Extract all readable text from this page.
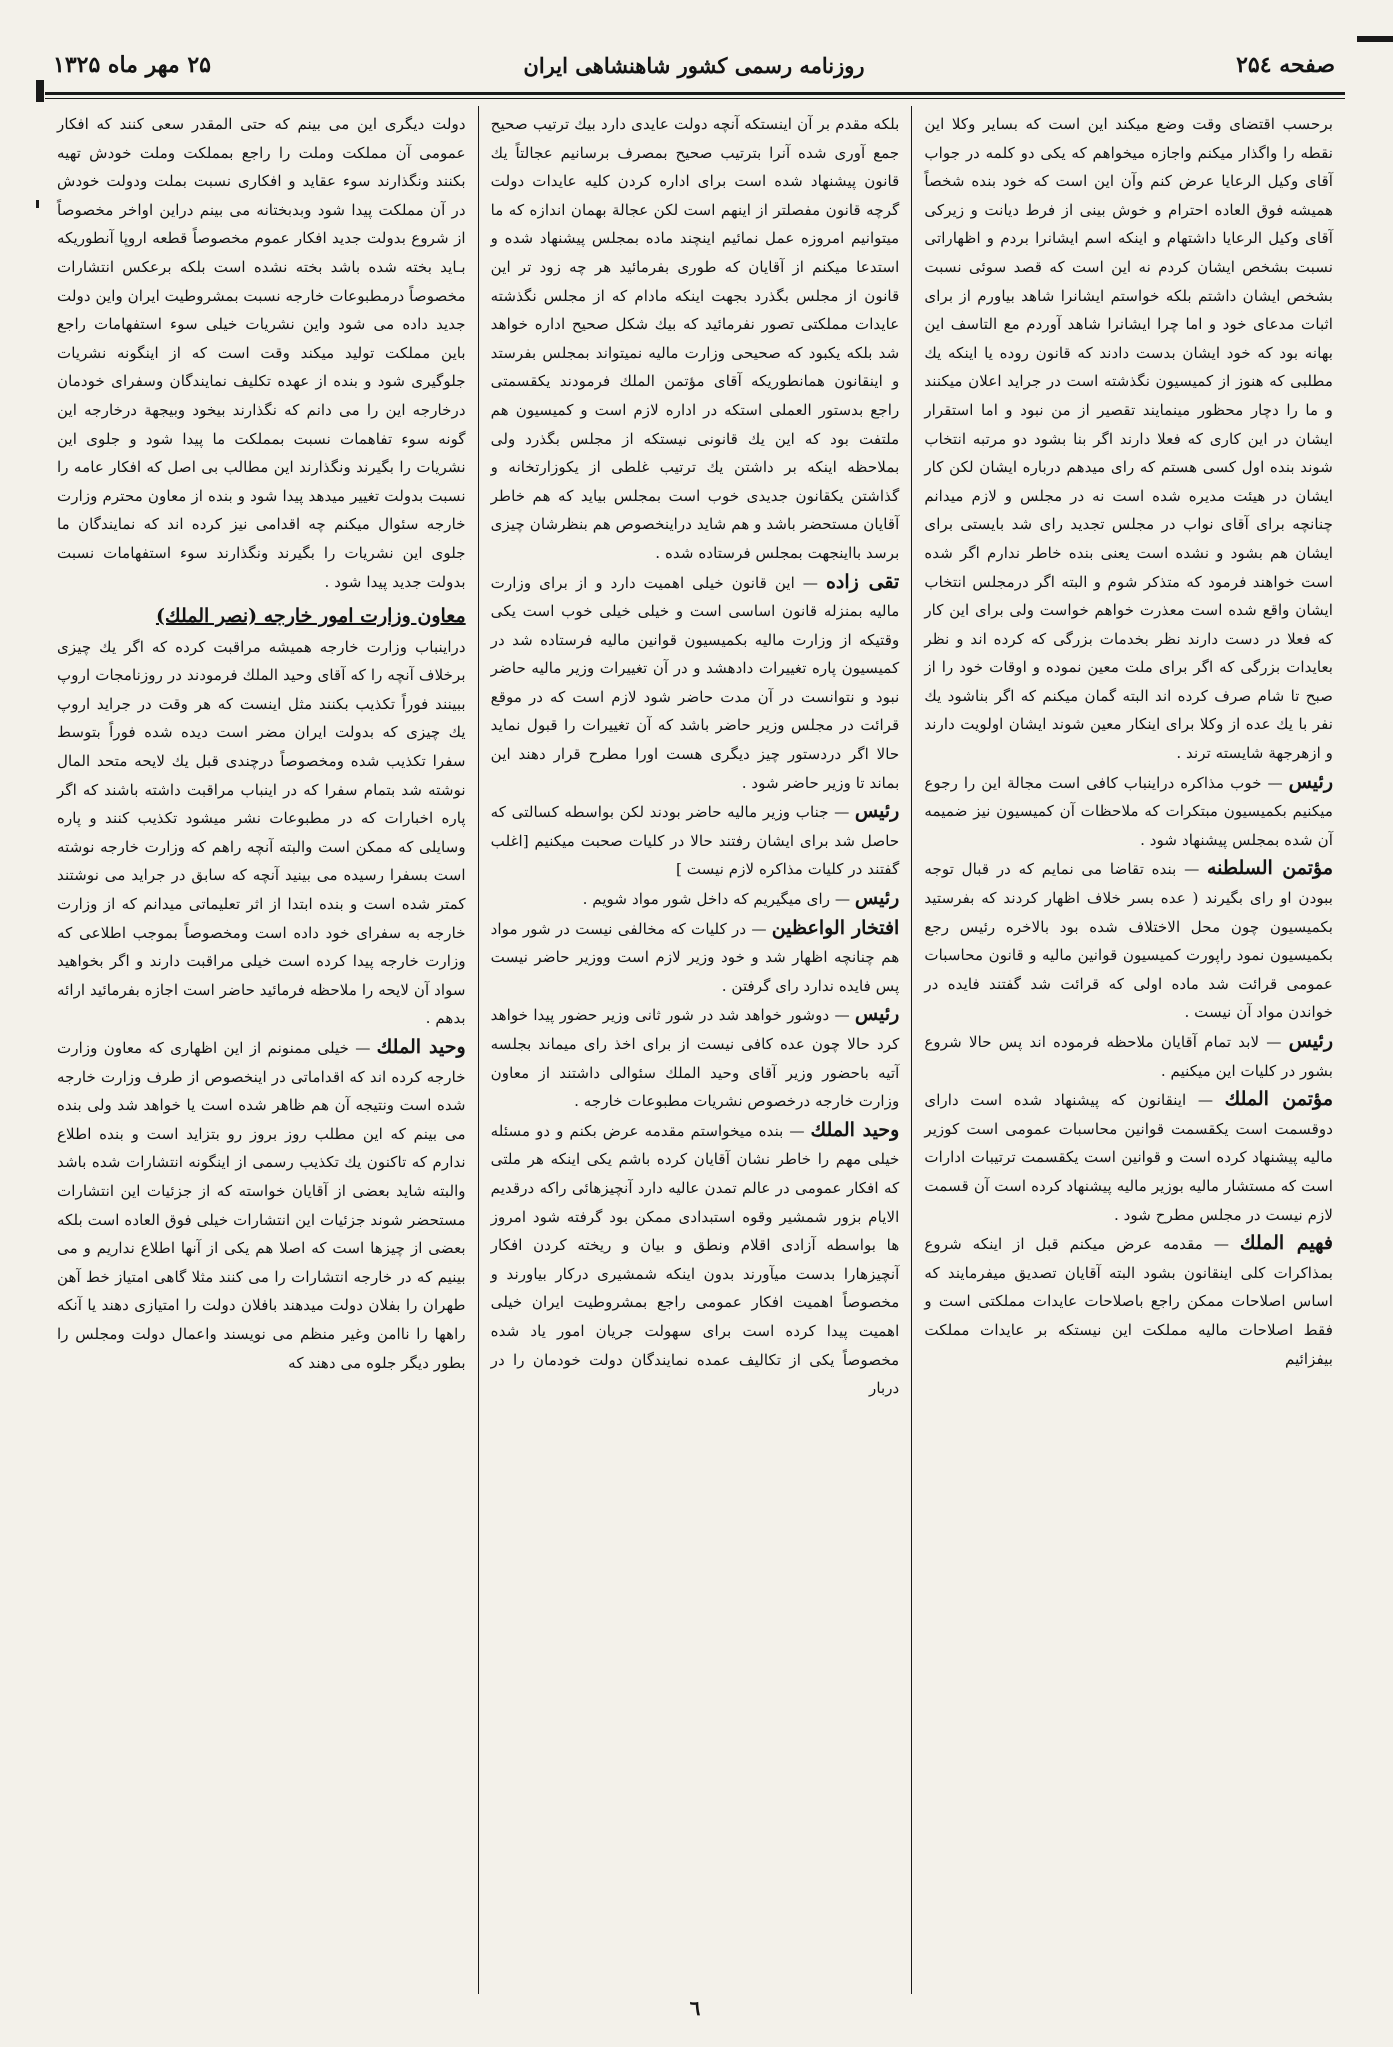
صفحه ۲۵٤
روزنامه رسمی کشور شاهنشاهی ایران
۲۵ مهر ماه ۱۳۲۵

برحسب اقتضای وقت وضع میکند این است که بساير وکلا این نقطه را واگذار میکنم واجازه میخواهم که یکی دو کلمه در جواب آقای وکیل الرعایا عرض کنم وآن این است که خود بنده شخصاً همیشه فوق العاده احترام و خوش بینی از فرط دیانت و زیرکی آقای وکیل الرعایا داشتهام و اینکه اسم ایشانرا بردم و اظهاراتی نسبت بشخص ایشان کردم نه این است که قصد سوئی نسبت بشخص ایشان داشتم بلکه خواستم ایشانرا شاهد بیاورم از برای اثبات مدعای خود و اما چرا ایشانرا شاهد آوردم مع التاسف این بهانه بود که خود ایشان بدست دادند که قانون روده یا اینکه یك مطلبی که هنوز از کمیسیون نگذشته است در جراید اعلان میکنند و ما را دچار محظور مینمایند تقصیر از من نبود و اما استقرار ایشان در این کاری که فعلا دارند اگر بنا بشود دو مرتبه انتخاب شوند بنده اول کسی هستم که رای میدهم درباره ایشان لکن کار ایشان در هیئت مدیره شده است نه در مجلس و لازم میدانم چنانچه برای آقای نواب در مجلس تجدید رای شد بایستی برای ایشان هم بشود و نشده است یعنی بنده خاطر ندارم اگر شده است خواهند فرمود که متذکر شوم و البته اگر درمجلس انتخاب ایشان واقع شده است معذرت خواهم خواست ولی برای این کار که فعلا در دست دارند نظر بخدمات بزرگی که کرده اند و نظر بعایدات بزرگی که اگر برای ملت معین نموده و اوقات خود را از صبح تا شام صرف کرده اند البته گمان میکنم که اگر بناشود یك نفر با یك عده از وکلا برای اینکار معین شوند ایشان اولویت دارند و ازهرجهة شایسته ترند .

رئیس — خوب مذاکره دراینباب کافی است مجالة این را رجوع میکنیم بکمیسیون مبتکرات که ملاحظات آن کمیسیون نیز ضمیمه آن شده بمجلس پیشنهاد شود .

مؤتمن السلطنه — بنده تقاضا می نمایم که در قبال توجه ببودن او رای بگیرند ( عده بسر خلاف اظهار کردند که بفرستید بکمیسیون چون محل الاختلاف شده بود بالاخره رئیس رجع بکمیسیون نمود راپورت کمیسیون قوانین مالیه و قانون محاسبات عمومی قرائت شد ماده اولی که قرائت شد گفتند فایده در خواندن مواد آن نیست .

رئیس — لابد تمام آقایان ملاحظه فرموده اند پس حالا شروع بشور در کلیات این میکنیم .

مؤتمن الملك — اینقانون که پیشنهاد شده است دارای دوقسمت است یکقسمت قوانین محاسبات عمومی است کوزیر مالیه پیشنهاد کرده است و قوانین است یکقسمت ترتیبات ادارات است که مستشار مالیه بوزیر مالیه پیشنهاد کرده است آن قسمت لازم نیست در مجلس مطرح شود .

فهیم الملك — مقدمه عرض میکنم قبل از اینکه شروع بمذاکرات کلی اینقانون بشود البته آقایان تصدیق میفرمایند که اساس اصلاحات ممکن راجع باصلاحات عایدات مملکتی است و فقط اصلاحات مالیه مملکت این نیستکه بر عایدات مملکت بیفزائیم

بلکه مقدم بر آن اینستکه آنچه دولت عایدی دارد بیك ترتیب صحیح جمع آوری شده آنرا بترتیب صحیح بمصرف برسانیم عجالتاً یك قانون پیشنهاد شده است برای اداره کردن کلیه عایدات دولت گرچه قانون مفصلتر از اینهم است لکن عجالة بهمان اندازه که ما میتوانیم امروزه عمل نمائیم اینچند ماده بمجلس پیشنهاد شده و استدعا میکنم از آقایان که طوری بفرمائید هر چه زود تر این قانون از مجلس بگذرد بجهت اینکه مادام که از مجلس نگذشته عایدات مملکتی تصور نفرمائید که بیك شکل صحیح اداره خواهد شد بلکه یکبود که صحیحی وزارت مالیه نمیتواند بمجلس بفرستد و اینقانون همانطوریکه آقای مؤتمن الملك فرمودند یکقسمتی راجع بدستور العملی استکه در اداره لازم است و کمیسیون هم ملتفت بود که این یك قانونی نیستکه از مجلس بگذرد ولی بملاحظه اینکه بر داشتن یك ترتیب غلطی از یکوزارتخانه و گذاشتن یکقانون جدیدی خوب است بمجلس بیاید که هم خاطر آقایان مستحضر باشد و هم شاید دراینخصوص هم بنظرشان چیزی برسد بااینجهت بمجلس فرستاده شده .

تقی زاده — این قانون خیلی اهمیت دارد و از برای وزارت مالیه بمنزله قانون اساسی است و خیلی خیلی خوب است یکی وقتیکه از وزارت مالیه بکمیسیون قوانین مالیه فرستاده شد در کمیسیون پاره تغییرات دادهشد و در آن تغییرات وزیر مالیه حاضر نبود و نتوانست در آن مدت حاضر شود لازم است که در موقع قرائت در مجلس وزیر حاضر باشد که آن تغییرات را قبول نماید حالا اگر دردستور چیز دیگری هست اورا مطرح قرار دهند این بماند تا وزیر حاضر شود .

رئیس — جناب وزیر مالیه حاضر بودند لکن بواسطه کسالتی که حاصل شد برای ایشان رفتند حالا در کلیات صحبت میکنیم [اغلب گفتند در کلیات مذاکره لازم نیست ]

رئیس — رای میگیریم که داخل شور مواد شویم .

افتخار الواعظین — در کلیات که مخالفی نیست در شور مواد هم چنانچه اظهار شد و خود وزیر لازم است ووزیر حاضر نیست پس فایده ندارد رای گرفتن .

رئیس — دوشور خواهد شد در شور ثانی وزیر حضور پیدا خواهد کرد حالا چون عده کافی نیست از برای اخذ رای میماند بجلسه آتیه باحضور وزیر آقای وحید الملك سئوالی داشتند از معاون وزارت خارجه درخصوص نشریات مطبوعات خارجه .

وحید الملك — بنده میخواستم مقدمه عرض بکنم و دو مسئله خیلی مهم را خاطر نشان آقایان کرده باشم یکی اینکه هر ملتی که افکار عمومی در عالم تمدن عالیه دارد آنچیزهائی راکه درقدیم الایام بزور شمشیر وقوه استبدادی ممکن بود گرفته شود امروز ها بواسطه آزادی اقلام ونطق و بیان و ریخته کردن افکار آنچیزهارا بدست میآورند بدون اینکه شمشیری درکار بیاورند و مخصوصاً اهمیت افکار عمومی راجع بمشروطیت ایران خیلی اهمیت پیدا کرده است برای سهولت جریان امور یاد شده مخصوصاً یکی از تکالیف عمده نمایندگان دولت خودمان را در دربار

دولت دیگری این می بینم که حتی المقدر سعی کنند که افکار عمومی آن مملکت وملت را راجع بمملکت وملت خودش تهیه بکنند ونگذارند سوء عقاید و افکاری نسبت بملت ودولت خودش در آن مملکت پیدا شود وبدبختانه می بینم دراین اواخر مخصوصاً از شروع بدولت جدید افکار عموم مخصوصاً قطعه اروپا آنطوریکه بـاید بخته شده باشد بخته نشده است بلکه برعکس انتشارات مخصوصاً درمطبوعات خارجه نسبت بمشروطیت ایران واین دولت جدید داده می شود واین نشریات خیلی سوء استفهامات راجع باین مملکت تولید میکند وقت است که از اینگونه نشریات جلوگیری شود و بنده از عهده تکلیف نمایندگان وسفرای خودمان درخارجه این را می دانم که نگذارند بیخود وبیجهة درخارجه این گونه سوء تفاهمات نسبت بمملکت ما پیدا شود و جلوی این نشریات را بگیرند ونگذارند این مطالب بی اصل که افکار عامه را نسبت بدولت تغییر میدهد پیدا شود و بنده از معاون محترم وزارت خارجه سئوال میکنم چه اقدامی نیز کرده اند که نمایندگان ما جلوی این نشریات را بگیرند ونگذارند سوء استفهامات نسبت بدولت جدید پیدا شود .

معاون وزارت امور خارجه (نصر الملك)

دراینباب وزارت خارجه همیشه مراقبت کرده که اگر یك چیزی برخلاف آنچه را که آقای وحید الملك فرمودند در روزنامجات اروپ ببینند فوراً تکذیب بکنند مثل اینست که هر وقت در جراید اروپ یك چیزی که بدولت ایران مضر است دیده شده فوراً بتوسط سفرا تکذیب شده ومخصوصاً درچندی قبل یك لایحه متحد المال نوشته شد بتمام سفرا که در اینباب مراقبت داشته باشند که اگر پاره اخبارات که در مطبوعات نشر میشود تکذیب کنند و پاره وسایلی که ممکن است والبته آنچه راهم که وزارت خارجه نوشته است بسفرا رسیده می بینید آنچه که سابق در جراید می نوشتند کمتر شده است و بنده ابتدا از اثر تعلیماتی میدانم که از وزارت خارجه به سفرای خود داده است ومخصوصاً بموجب اطلاعی که وزارت خارجه پیدا کرده است خیلی مراقبت دارند و اگر بخواهید سواد آن لایحه را ملاحظه فرمائید حاضر است اجازه بفرمائید ارائه بدهم .

وحید الملك — خیلی ممنونم از این اظهاری که معاون وزارت خارجه کرده اند که اقداماتی در اینخصوص از طرف وزارت خارجه شده است ونتیجه آن هم ظاهر شده است یا خواهد شد ولی بنده می بینم که این مطلب روز بروز رو بتزاید است و بنده اطلاع ندارم که تاکنون یك تکذیب رسمی از اینگونه انتشارات شده باشد والبته شاید بعضی از آقایان خواسته که از جزئیات این انتشارات مستحضر شوند جزئیات این انتشارات خیلی فوق العاده است بلکه بعضی از چیزها است که اصلا هم یکی از آنها اطلاع نداریم و می بینیم که در خارجه انتشارات را می کنند مثلا گاهی امتیاز خط آهن طهران را بفلان دولت میدهند بافلان دولت را امتیازی دهند یا آنکه راهها را ناامن وغیر منظم می نویسند واعمال دولت ومجلس را بطور دیگر جلوه می دهند که

٦
